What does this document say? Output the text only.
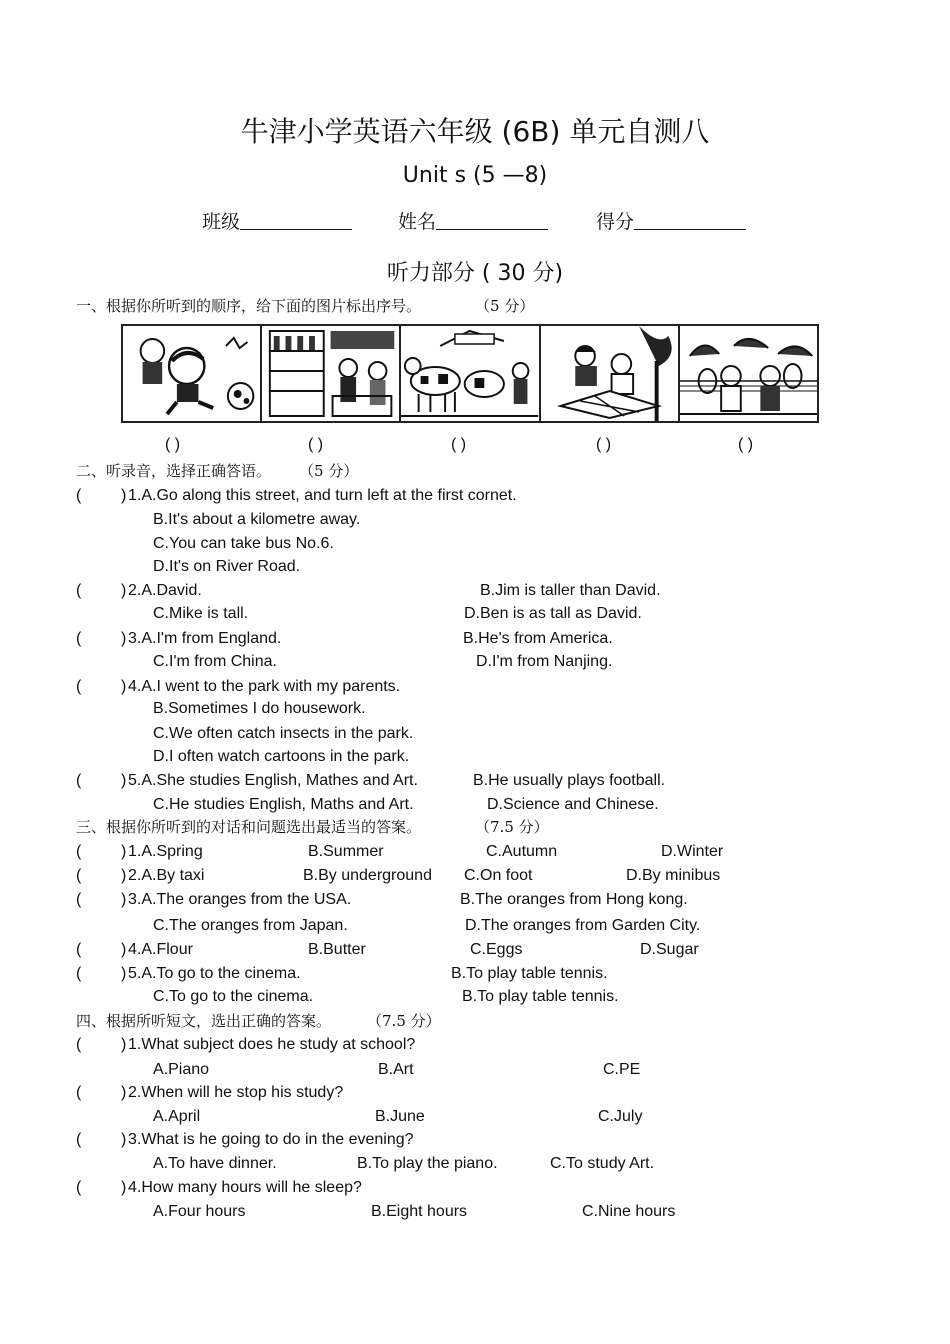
牛津小学英语六年级 (6B) 单元自测八
Unit s (5 —8)
班级	姓名	得分
听力部分 ( 30 分)
一、根据你所听到的顺序，给下面的图片标出序号。	（5 分）
( )	( )	( )	( )	( )
二、听录音，选择正确答语。 （5 分）
( ) 1.A.Go along this street, and turn left at the first cornet.
B.It's about a kilometre away.
C.You can take bus No.6.
D.It's on River Road.
( ) 2.A.David.	B.Jim is taller than David.
C.Mike is tall.	D.Ben is as tall as David.
( ) 3.A.I'm from England.	B.He's from America.
C.I'm from China.	D.I'm from Nanjing.
( ) 4.A.I went to the park with my parents.
B.Sometimes I do housework.
C.We often catch insects in the park.
D.I often watch cartoons in the park.
( ) 5.A.She studies English, Mathes and Art.	B.He usually plays football.
C.He studies English, Maths and Art.	D.Science and Chinese.
三、根据你所听到的对话和问题选出最适当的答案。	（7.5 分）
( ) 1.A.Spring	B.Summer	C.Autumn	D.Winter
( ) 2.A.By taxi	B.By underground C.On foot	D.By minibus
( ) 3.A.The oranges from the USA.	B.The oranges from Hong kong.
C.The oranges from Japan.	D.The oranges from Garden City.
( ) 4.A.Flour	B.Butter	C.Eggs	D.Sugar
( ) 5.A.To go to the cinema.	B.To play table tennis.
C.To go to the cinema.	B.To play table tennis.
四、根据所听短文，选出正确的答案。 （7.5 分）
( ) 1.What subject does he study at school?
A.Piano	B.Art	C.PE
( ) 2.When will he stop his study?
A.April	B.June	C.July
( ) 3.What is he going to do in the evening?
A.To have dinner.	B.To play the piano.	C.To study Art.
( ) 4.How many hours will he sleep?
A.Four hours	B.Eight hours	C.Nine hours
